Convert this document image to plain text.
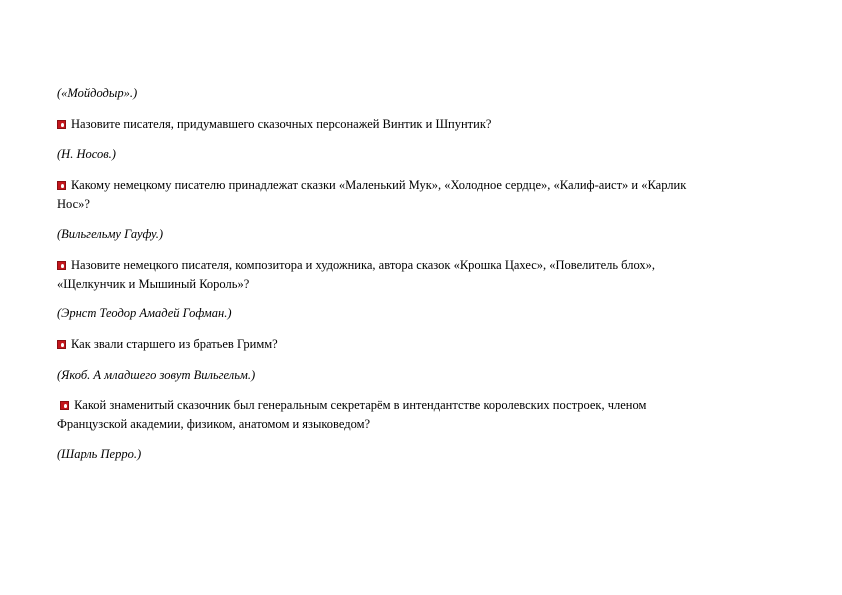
(«Мойдодыр».)
Назовите писателя, придумавшего сказочных персонажей Винтик и Шпунтик?
(Н. Носов.)
Какому немецкому писателю принадлежат сказки «Маленький Мук», «Холодное сердце», «Калиф-аист» и «Карлик
Нос»?
(Вильгельму Гауфу.)
Назовите немецкого писателя, композитора и художника, автора сказок «Крошка Цахес», «Повелитель блох»,
«Щелкунчик и Мышиный Король»?
(Эрнст Теодор Амадей Гофман.)
Как звали старшего из братьев Гримм?
(Якоб. А младшего зовут Вильгельм.)
Какой знаменитый сказочник был генеральным секретарём в интендантстве королевских построек, членом
Французской академии, физиком, анатомом и языковедом?
(Шарль Перро.)
